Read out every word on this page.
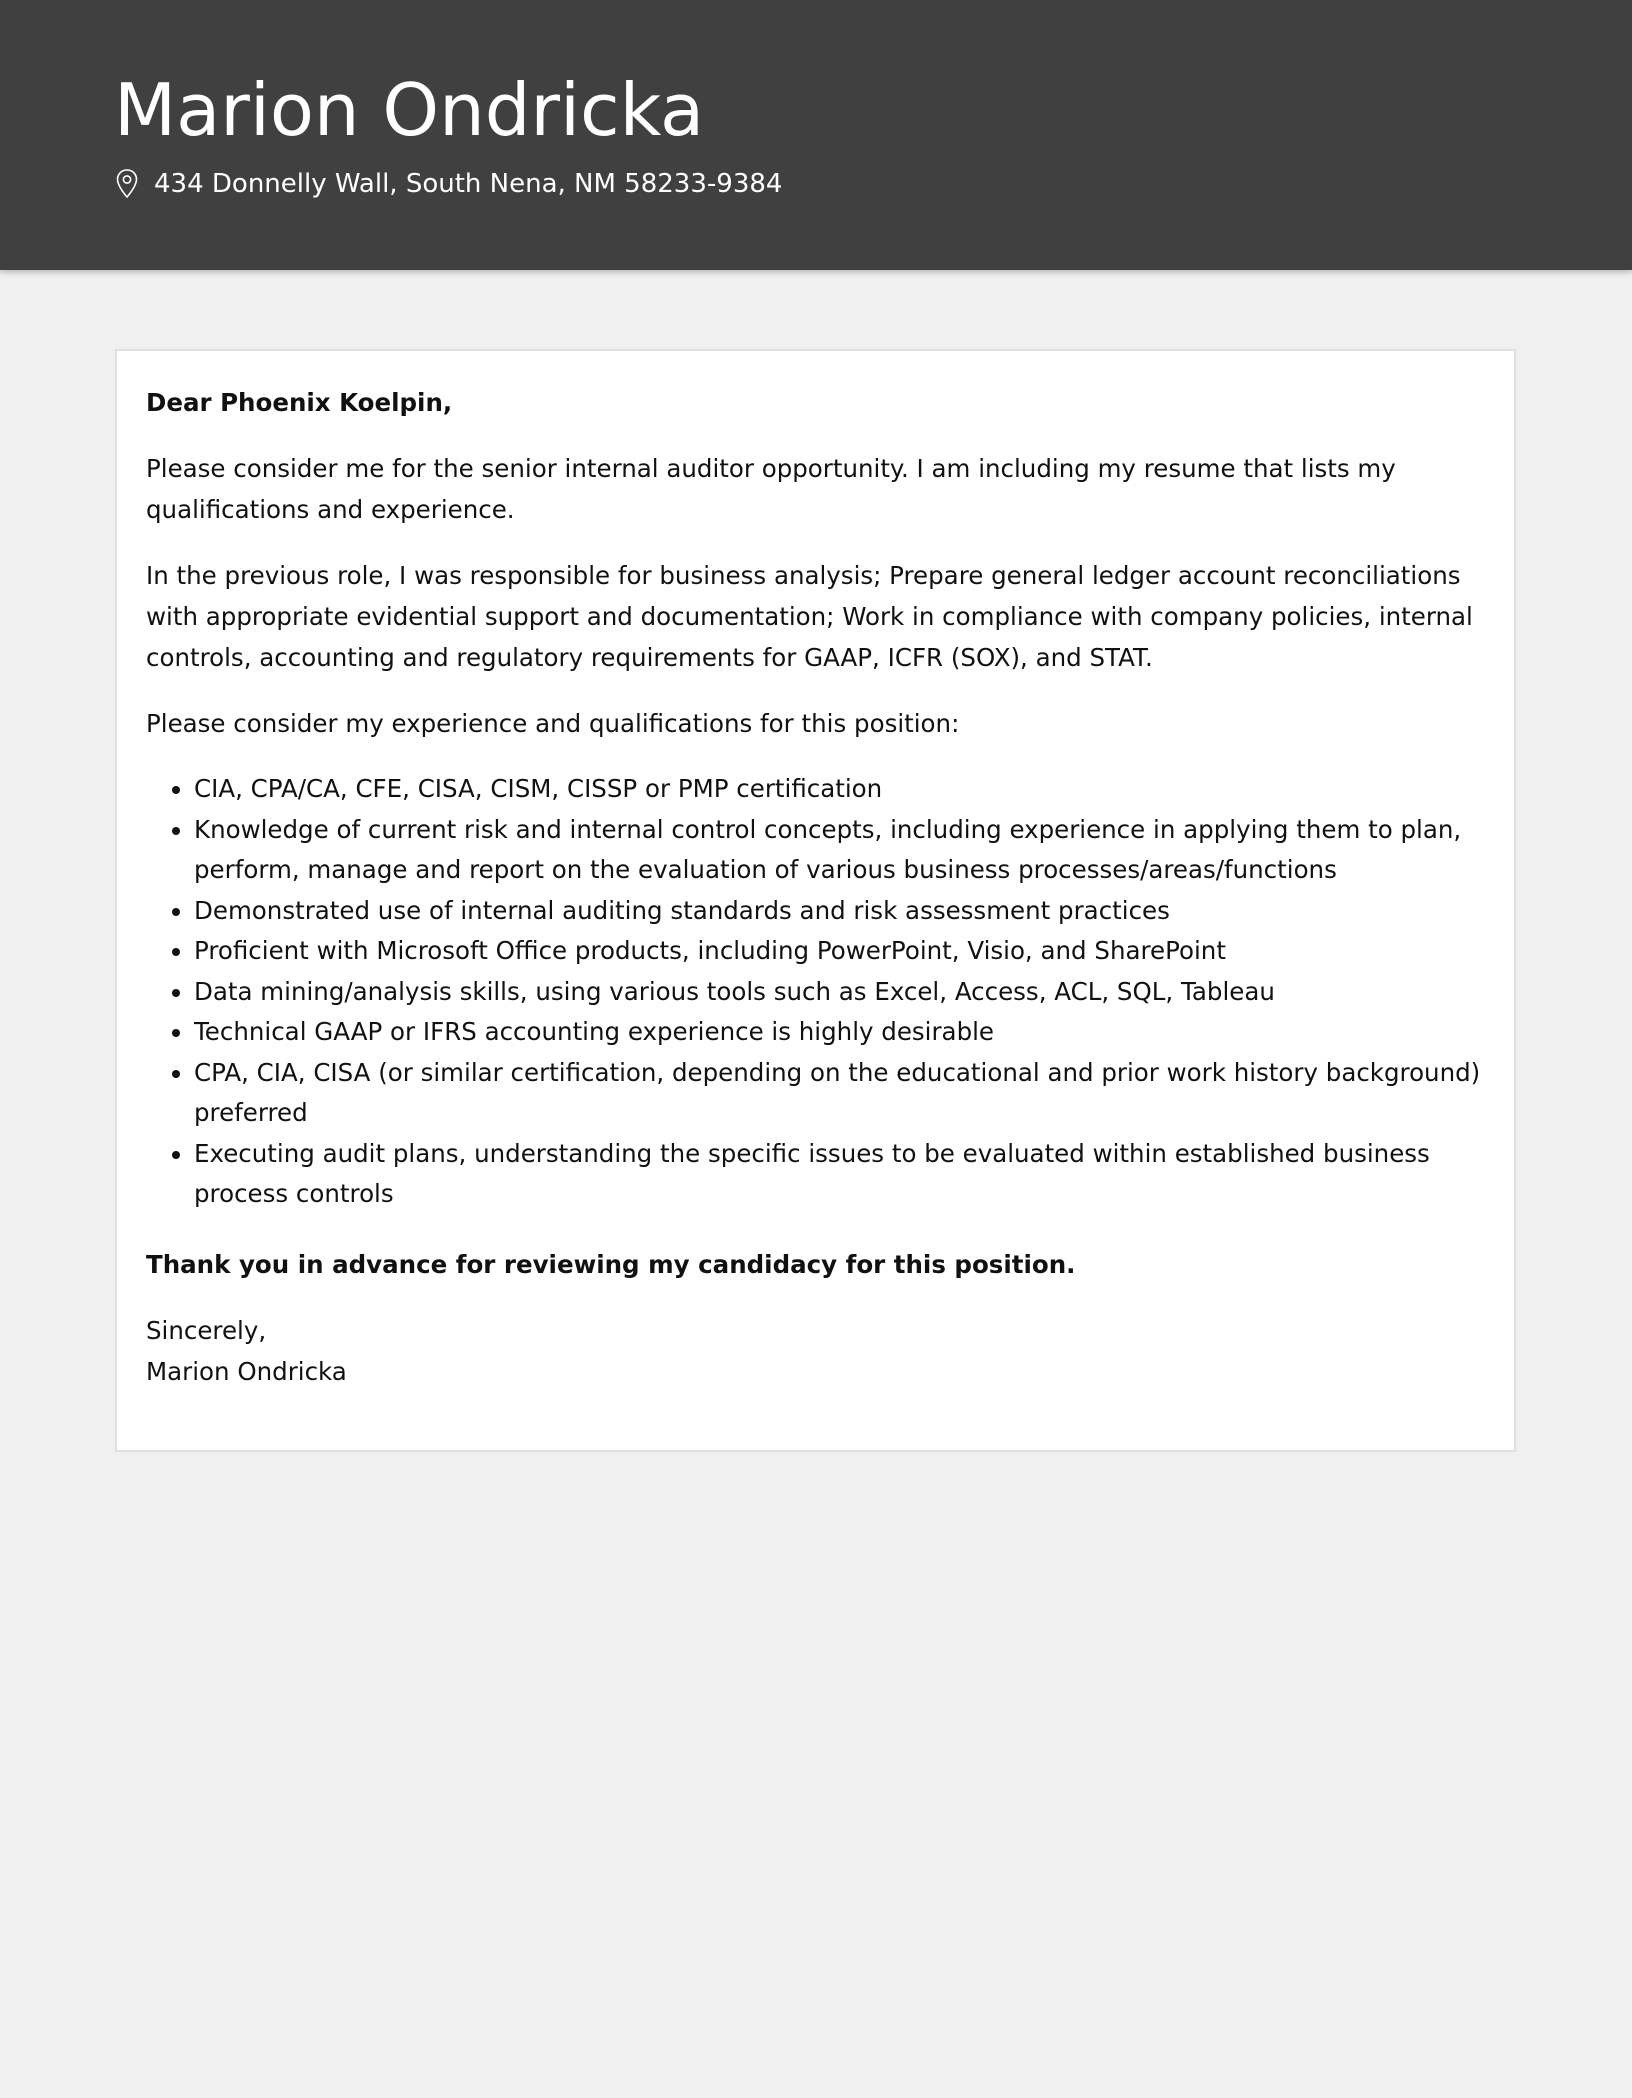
Marion Ondricka
434 Donnelly Wall, South Nena, NM 58233-9384

Dear Phoenix Koelpin,

Please consider me for the senior internal auditor opportunity. I am including my resume that lists my qualifications and experience.

In the previous role, I was responsible for business analysis; Prepare general ledger account reconciliations with appropriate evidential support and documentation; Work in compliance with company policies, internal controls, accounting and regulatory requirements for GAAP, ICFR (SOX), and STAT.

Please consider my experience and qualifications for this position:

• CIA, CPA/CA, CFE, CISA, CISM, CISSP or PMP certification
• Knowledge of current risk and internal control concepts, including experience in applying them to plan, perform, manage and report on the evaluation of various business processes/areas/functions
• Demonstrated use of internal auditing standards and risk assessment practices
• Proficient with Microsoft Office products, including PowerPoint, Visio, and SharePoint
• Data mining/analysis skills, using various tools such as Excel, Access, ACL, SQL, Tableau
• Technical GAAP or IFRS accounting experience is highly desirable
• CPA, CIA, CISA (or similar certification, depending on the educational and prior work history background) preferred
• Executing audit plans, understanding the specific issues to be evaluated within established business process controls

Thank you in advance for reviewing my candidacy for this position.

Sincerely,
Marion Ondricka
